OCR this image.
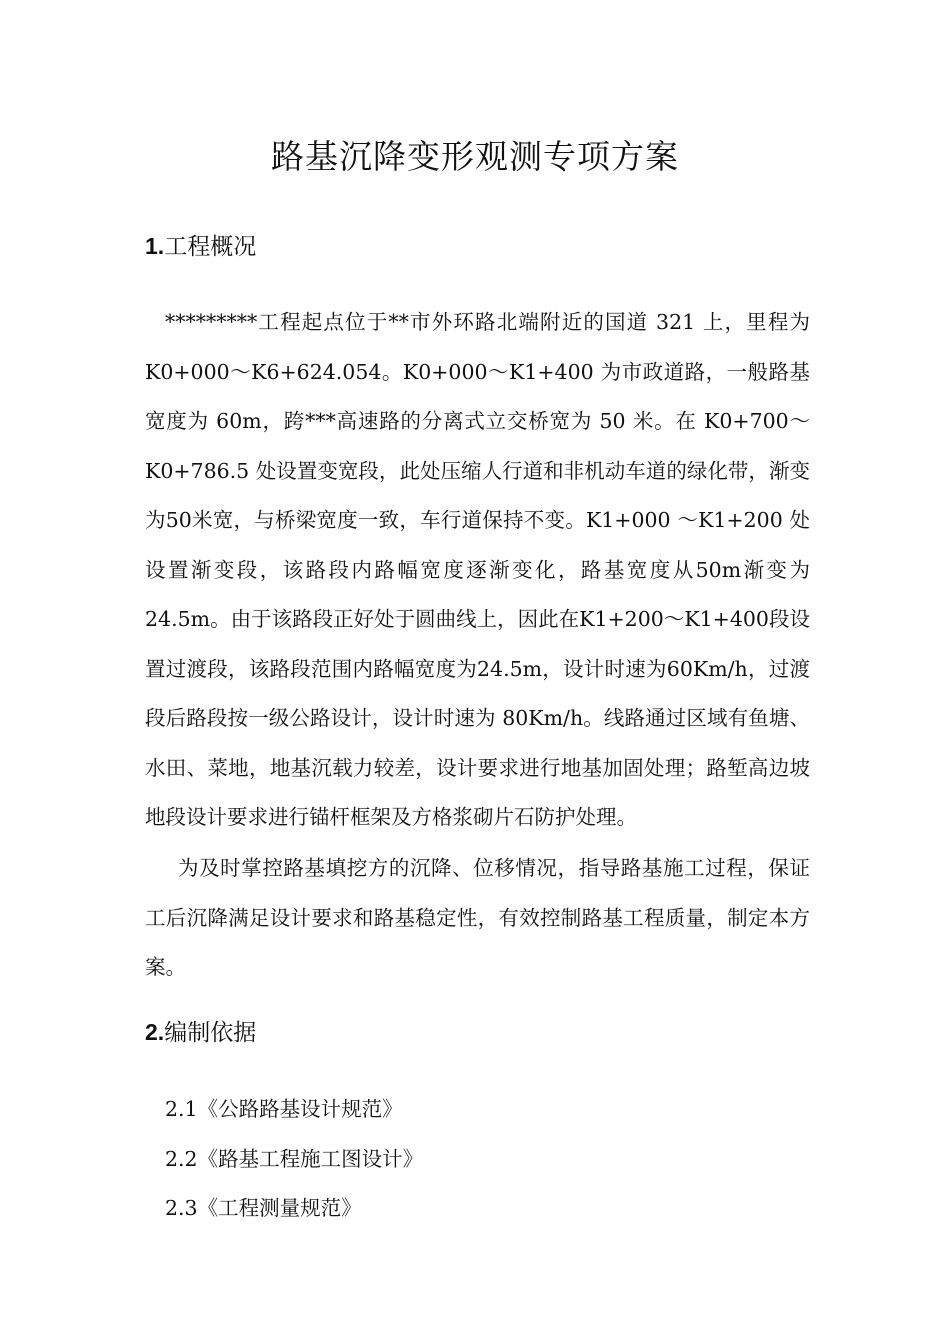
路基沉降变形观测专项方案
1.工程概况
*********工程起点位于**市外环路北端附近的国道 321 上，里程为 K0+000～K6+624.054。K0+000～K1+400 为市政道路，一般路基宽度为 60m，跨***高速路的分离式立交桥宽为 50 米。在 K0+700～K0+786.5 处设置变宽段，此处压缩人行道和非机动车道的绿化带，渐变为50米宽，与桥梁宽度一致，车行道保持不变。K1+000 ～K1+200 处设置渐变段，该路段内路幅宽度逐渐变化，路基宽度从50m渐变为24.5m。由于该路段正好处于圆曲线上，因此在K1+200～K1+400段设置过渡段，该路段范围内路幅宽度为24.5m，设计时速为60Km/h，过渡段后路段按一级公路设计，设计时速为 80Km/h。线路通过区域有鱼塘、水田、菜地，地基沉载力较差，设计要求进行地基加固处理；路堑高边坡地段设计要求进行锚杆框架及方格浆砌片石防护处理。
为及时掌控路基填挖方的沉降、位移情况，指导路基施工过程，保证工后沉降满足设计要求和路基稳定性，有效控制路基工程质量，制定本方案。
2.编制依据
2.1《公路路基设计规范》
2.2《路基工程施工图设计》
2.3《工程测量规范》
